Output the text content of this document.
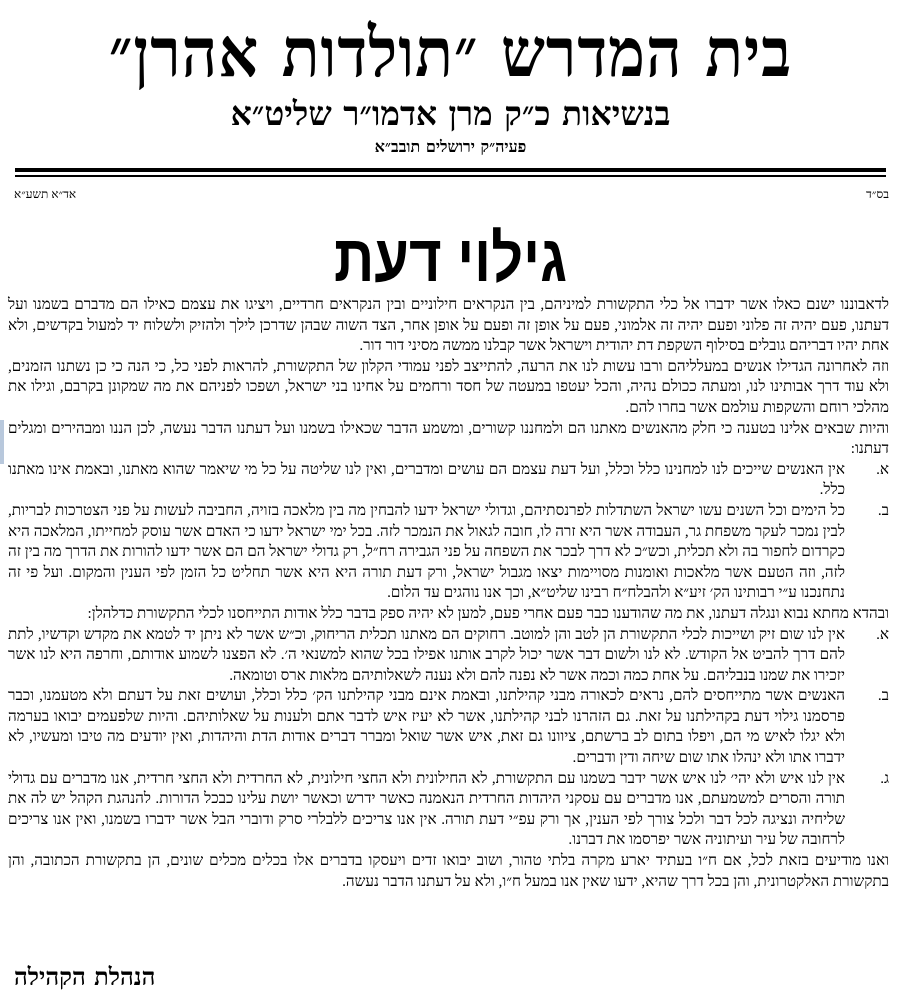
בית המדרש ״תולדות אהרן״
בנשיאות כ״ק מרן אדמו״ר שליט״א
פעיה״ק ירושלים תובב״א
בס״ד
אד״א תשע״א
גילוי דעת

לדאבוננו ישנם כאלו אשר ידברו אל כלי התקשורת למיניהם, בין הנקראים חילוניים ובין הנקראים חרדיים, ויציגו את עצמם כאילו הם מדברם בשמנו ועל דעתנו, פעם יהיה זה פלוני ופעם יהיה זה אלמוני, פעם על אופן זה ופעם על אופן אחר, הצד השוה שבהן שדרכן לילך ולהזיק ולשלוח יד למעול בקדשים, ולא אחת יהיו דבריהם גובלים בסילוף השקפת דת יהודית וישראל אשר קבלנו ממשה מסיני דור דור.

וזה לאחרונה הגדילו אנשים במעלליהם ורבו עשות לנו את הרעה, להתייצב לפני עמודי הקלון של התקשורת, להראות לפני כל, כי הנה כי כן נשתנו הזמנים, ולא עוד דרך אבותינו לנו, ומעתה ככולם נהיה, והכל יעטפו במעטה של חסד ורחמים על אחינו בני ישראל, ושפכו לפניהם את מה שמקונן בקרבם, וגילו את מהלכי רוחם והשקפות עולמם אשר בחרו להם.

והיות שבאים אלינו בטענה כי חלק מהאנשים מאתנו הם ולמחננו קשורים, ומשמע הדבר שכאילו בשמנו ועל דעתנו הדבר נעשה, לכן הננו ומבהירים ומגלים דעתנו:

א.
אין האנשים שייכים לנו למחנינו כלל וכלל, ועל דעת עצמם הם עושים ומדברים, ואין לנו שליטה על כל מי שיאמר שהוא מאתנו, ובאמת אינו מאתנו כלל.
ב.
כל הימים וכל השנים עשו ישראל השתדלות לפרנסתיהם, וגדולי ישראל ידעו להבחין מה בין מלאכה בזויה, החביבה לעשות על פני הצטרכות לבריות, לבין נמכר לעקר משפחת גר, העבודה אשר היא זרה לו, חובה לגאול את הנמכר לזה. בכל ימי ישראל ידעו כי האדם אשר עוסק למחייתו, המלאכה היא כקרדום לחפור בה ולא תכלית, וכש״כ לא דרך לבכר את השפחה על פני הגבירה רח״ל, רק גדולי ישראל הם הם אשר ידעו להורות את הדרך מה בין זה לזה, וזה הטעם אשר מלאכות ואומנות מסויימות יצאו מגבול ישראל, ורק דעת תורה היא היא אשר תחליט כל הזמן לפי הענין והמקום. ועל פי זה נתחנכנו ע״י רבותינו הק׳ זיע״א ולהבלח״ח רבינו שליט״א, וכך אנו נוהגים עד הלום.

ובהדא מחתא נבוא ונגלה דעתנו, את מה שהודענו כבר פעם אחרי פעם, למען לא יהיה ספק בדבר כלל אודות התייחסנו לכלי התקשורת כדלהלן:

א.
אין לנו שום זיק ושייכות לכלי התקשורת הן לטב והן למוטב. רחוקים הם מאתנו תכלית הריחוק, וכ״ש אשר לא ניתן יד לטמא את מקדש וקדשיו, לתת להם דרך להביט אל הקודש. לא לנו ולשום דבר אשר יכול לקרב אותנו אפילו בכל שהוא למשנאי ה׳. לא הפצנו לשמוע אודותם, וחרפה היא לנו אשר יזכירו את שמנו בנבליהם. על אחת כמה וכמה אשר לא נפנה להם ולא נענה לשאלותיהם מלאות ארס וטומאה.
ב.
האנשים אשר מתייחסים להם, נראים לכאורה מבני קהילתנו, ובאמת אינם מבני קהילתנו הק׳ כלל וכלל, ועושים זאת על דעתם ולא מטעמנו, וכבר פרסמנו גילוי דעת בקהילתנו על זאת. גם הזהרנו לבני קהילתנו, אשר לא יעיז איש לדבר אתם ולענות על שאלותיהם. והיות שלפעמים יבואו בערמה ולא יגלו לאיש מי הם, ויפלו בתום לב ברשתם, ציוונו גם זאת, איש אשר שואל ומברר דברים אודות הדת והיהדות, ואין יודעים מה טיבו ומעשיו, לא ידברו אתו ולא ינהלו אתו שום שיחה ודין ודברים.
ג.
אין לנו איש ולא יהי׳ לנו איש אשר ידבר בשמנו עם התקשורת, לא החילונית ולא החצי חילונית, לא החרדית ולא החצי חרדית, אנו מדברים עם גדולי תורה והסרים למשמעתם, אנו מדברים עם עסקני היהדות החרדית הנאמנה כאשר ידרש וכאשר יושת עלינו כבכל הדורות. להנהגת הקהל יש לה את שליחיה ונציגה לכל דבר ולכל צורך לפי הענין, אך ורק עפ״י דעת תורה. אין אנו צריכים ללבלרי סרק ודוברי הבל אשר ידברו בשמנו, ואין אנו צריכים לרחובה של עיר ועיתוניה אשר יפרסמו את דברנו.

ואנו מודיעים בזאת לכל, אם ח״ו בעתיד יארע מקרה בלתי טהור, ושוב יבואו זדים ויעסקו בדברים אלו בכלים מכלים שונים, הן בתקשורת הכתובה, והן בתקשורת האלקטרונית, והן בכל דרך שהיא, ידעו שאין אנו במעל ח״ו, ולא על דעתנו הדבר נעשה.

הנהלת הקהילה
